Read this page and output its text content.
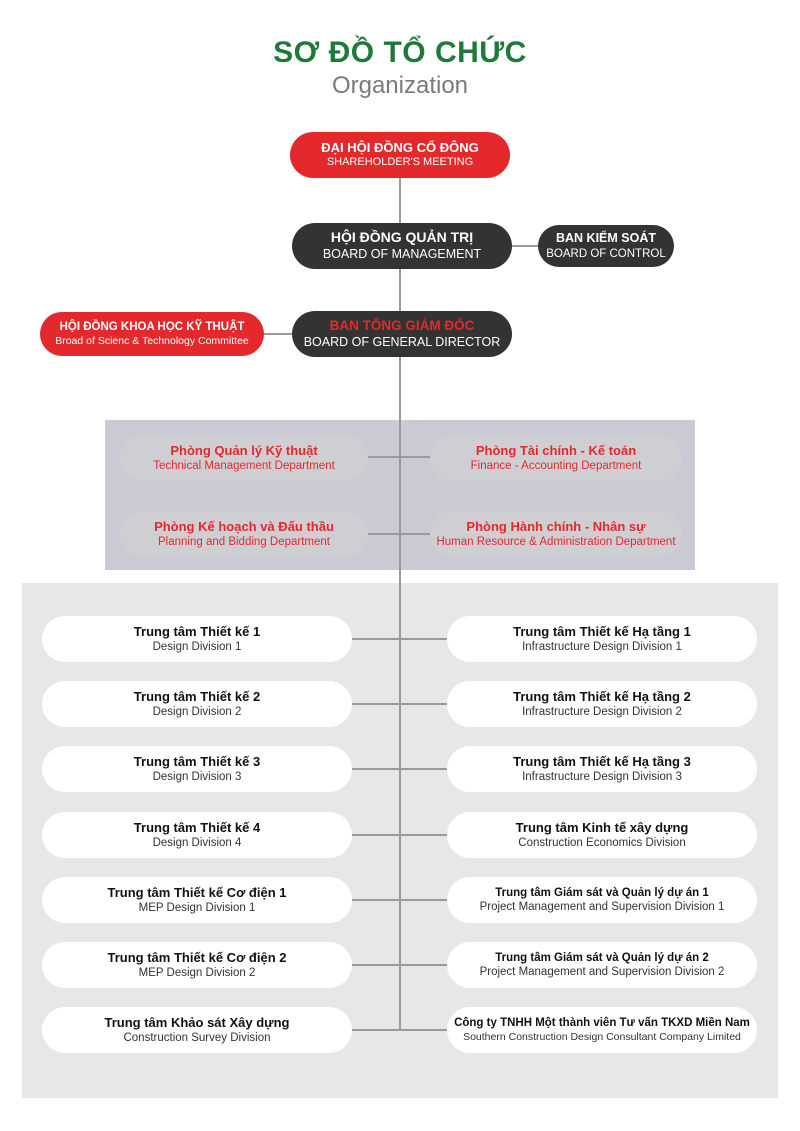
SƠ ĐỒ TỔ CHỨC
Organization
ĐẠI HỘI ĐỒNG CỔ ĐÔNG
SHAREHOLDER'S MEETING
HỘI ĐỒNG QUẢN TRỊ
BOARD OF MANAGEMENT
BAN KIỂM SOÁT
BOARD OF CONTROL
HỘI ĐỒNG KHOA HỌC KỸ THUẬT
Broad of Scienc & Technology Committee
BAN TỔNG GIÁM ĐỐC
BOARD OF GENERAL DIRECTOR
Phòng Quản lý Kỹ thuật
Technical Management Department
Phòng Tài chính - Kế toán
Finance - Accounting Department
Phòng Kế hoạch và Đấu thầu
Planning and Bidding Department
Phòng Hành chính - Nhân sự
Human Resource & Administration Department
Trung tâm Thiết kế 1
Design Division 1
Trung tâm Thiết kế 2
Design Division 2
Trung tâm Thiết kế 3
Design Division 3
Trung tâm Thiết kế 4
Design Division 4
Trung tâm Thiết kế Cơ điện 1
MEP Design Division 1
Trung tâm Thiết kế Cơ điện 2
MEP Design Division 2
Trung tâm Khảo sát Xây dựng
Construction Survey Division
Trung tâm Thiết kế Hạ tầng 1
Infrastructure Design Division 1
Trung tâm Thiết kế Hạ tầng 2
Infrastructure Design Division 2
Trung tâm Thiết kế Hạ tầng 3
Infrastructure Design Division 3
Trung tâm Kinh tế xây dựng
Construction Economics Division
Trung tâm Giám sát và Quản lý dự án 1
Project Management and Supervision Division 1
Trung tâm Giám sát và Quản lý dự án 2
Project Management and Supervision Division 2
Công ty TNHH Một thành viên Tư vấn TKXD Miền Nam
Southern Construction Design Consultant Company Limited
